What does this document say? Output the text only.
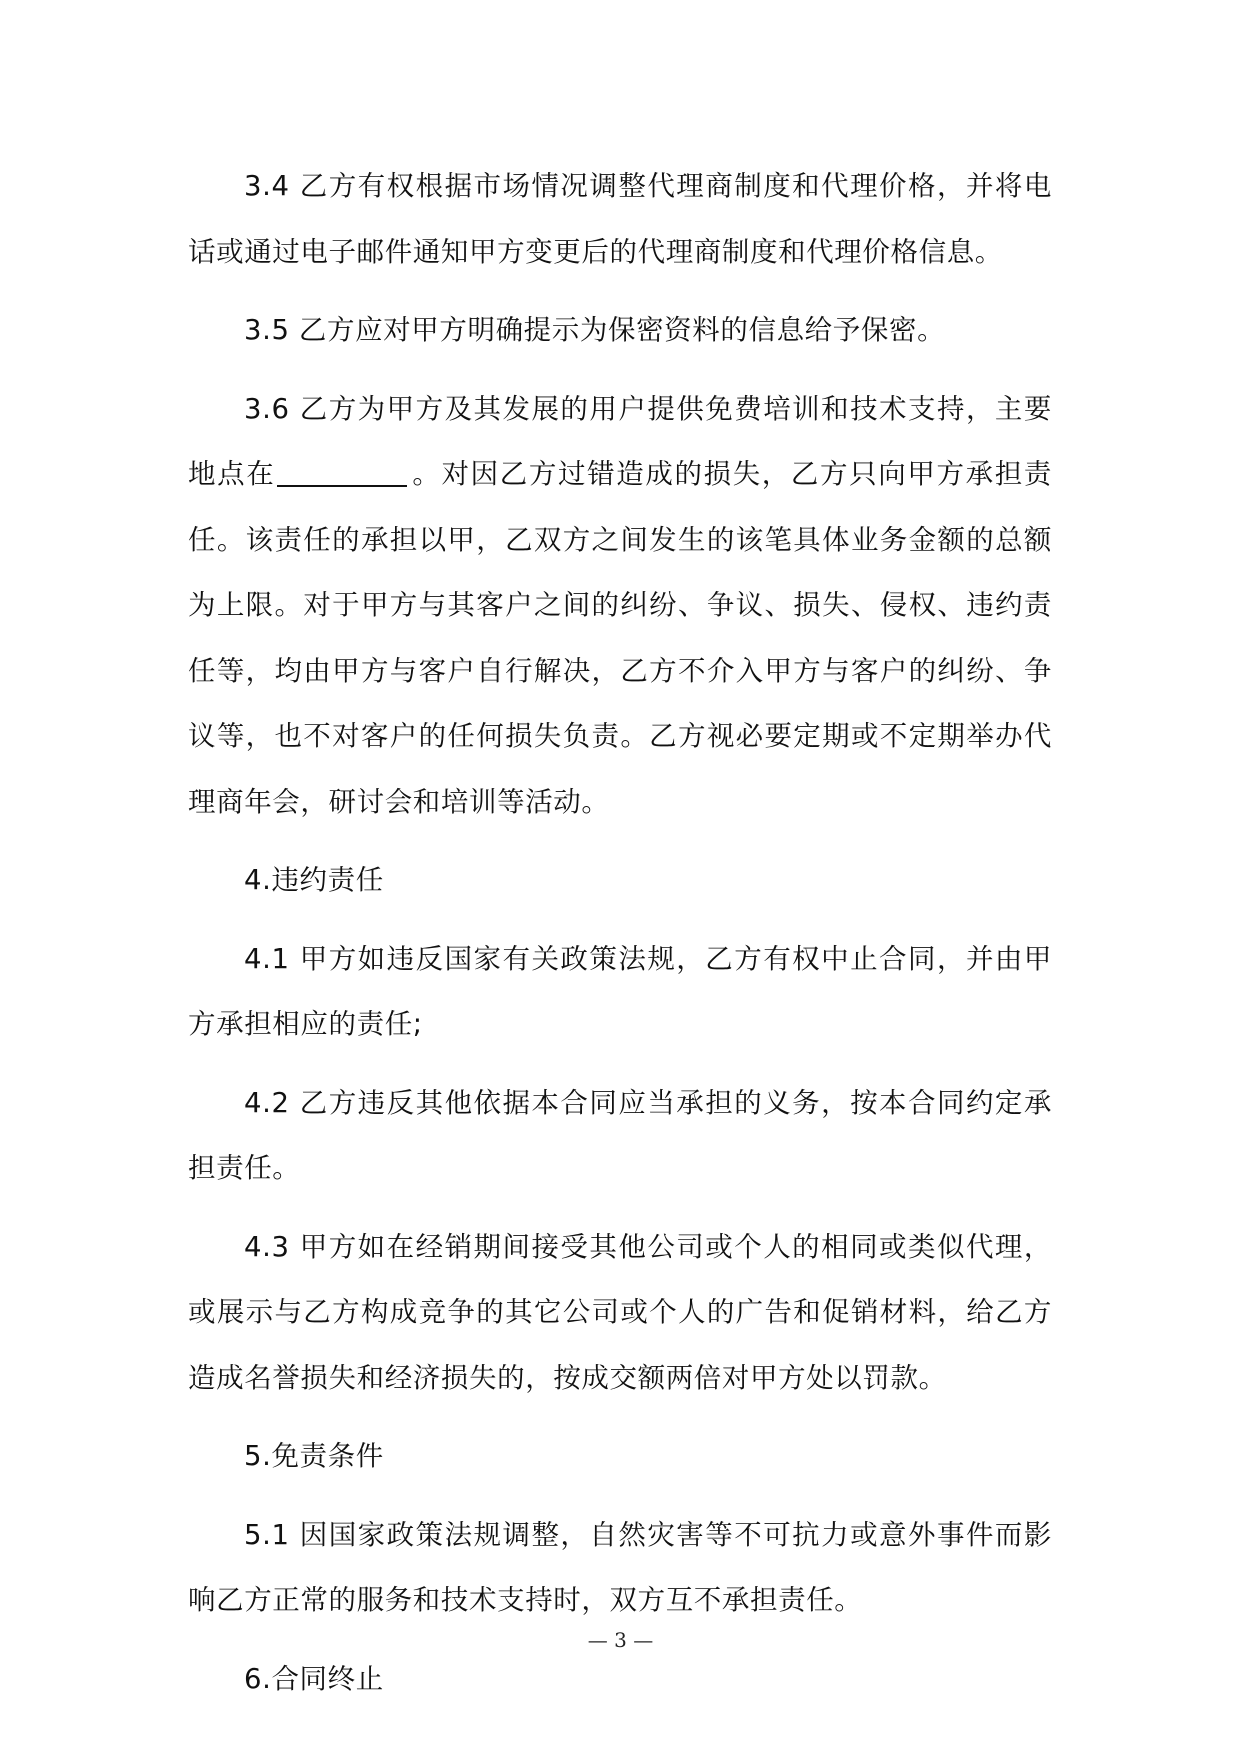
3.4 乙方有权根据市场情况调整代理商制度和代理价格，并将电话或通过电子邮件通知甲方变更后的代理商制度和代理价格信息。

3.5 乙方应对甲方明确提示为保密资料的信息给予保密。

3.6 乙方为甲方及其发展的用户提供免费培训和技术支持，主要地点在	。对因乙方过错造成的损失，乙方只向甲方承担责任。该责任的承担以甲，乙双方之间发生的该笔具体业务金额的总额为上限。对于甲方与其客户之间的纠纷、争议、损失、侵权、违约责任等，均由甲方与客户自行解决，乙方不介入甲方与客户的纠纷、争议等，也不对客户的任何损失负责。乙方视必要定期或不定期举办代理商年会，研讨会和培训等活动。

4.违约责任

4.1 甲方如违反国家有关政策法规，乙方有权中止合同，并由甲方承担相应的责任;

4.2 乙方违反其他依据本合同应当承担的义务，按本合同约定承担责任。

4.3 甲方如在经销期间接受其他公司或个人的相同或类似代理，或展示与乙方构成竞争的其它公司或个人的广告和促销材料，给乙方造成名誉损失和经济损失的，按成交额两倍对甲方处以罚款。

5.免责条件

5.1 因国家政策法规调整，自然灾害等不可抗力或意外事件而影响乙方正常的服务和技术支持时，双方互不承担责任。

6.合同终止

— 3 —
